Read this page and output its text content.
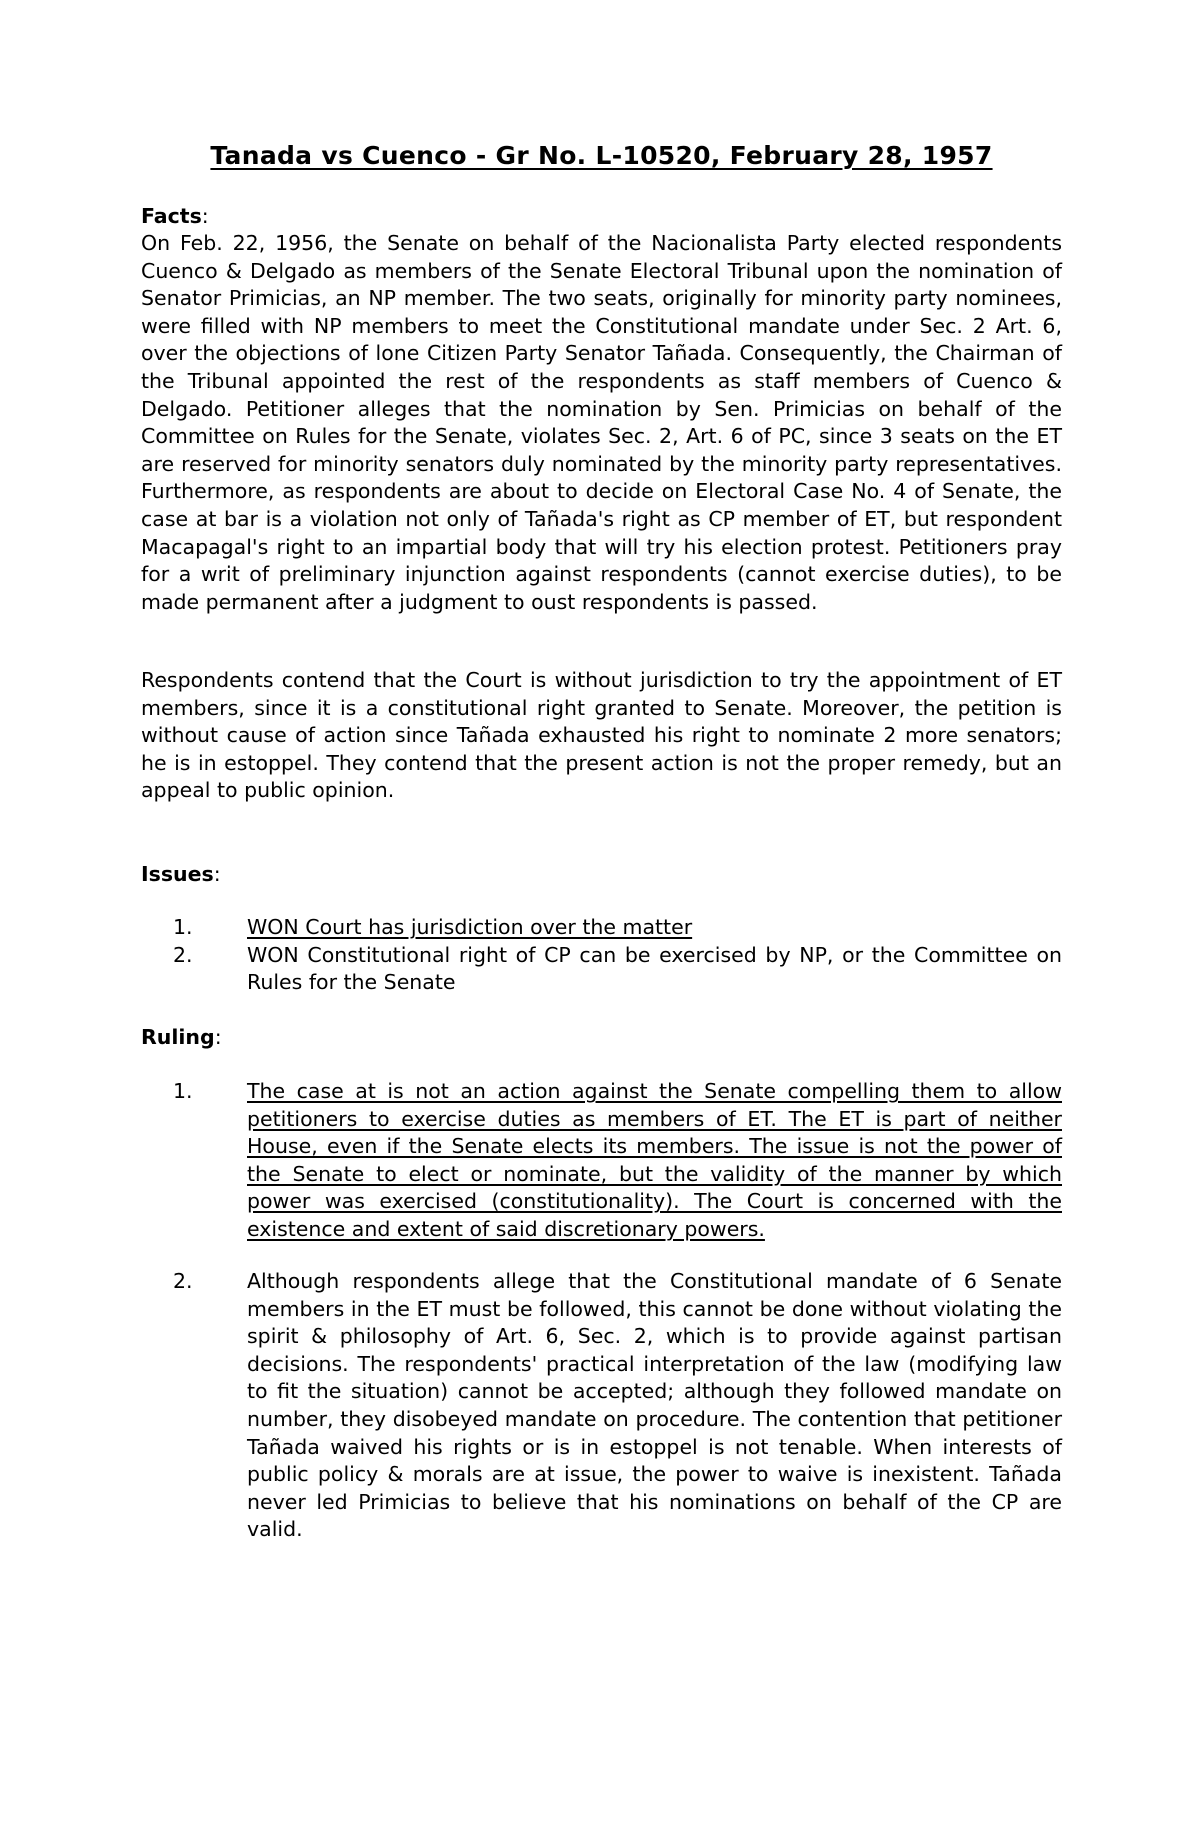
Tanada vs Cuenco - Gr No. L-10520, February 28, 1957
Facts:

On Feb. 22, 1956, the Senate on behalf of the Nacionalista Party elected respondents Cuenco & Delgado as members of the Senate Electoral Tribunal upon the nomination of Senator Primicias, an NP member. The two seats, originally for minority party nominees, were filled with NP members to meet the Constitutional mandate under Sec. 2 Art. 6, over the objections of lone Citizen Party Senator Tañada. Consequently, the Chairman of the Tribunal appointed the rest of the respondents as staff members of Cuenco & Delgado. Petitioner alleges that the nomination by Sen. Primicias on behalf of the Committee on Rules for the Senate, violates Sec. 2, Art. 6 of PC, since 3 seats on the ET are reserved for minority senators duly nominated by the minority party representatives. Furthermore, as respondents are about to decide on Electoral Case No. 4 of Senate, the case at bar is a violation not only of Tañada's right as CP member of ET, but respondent Macapagal's right to an impartial body that will try his election protest. Petitioners pray for a writ of preliminary injunction against respondents (cannot exercise duties), to be made permanent after a judgment to oust respondents is passed.

Respondents contend that the Court is without jurisdiction to try the appointment of ET members, since it is a constitutional right granted to Senate. Moreover, the petition is without cause of action since Tañada exhausted his right to nominate 2 more senators; he is in estoppel. They contend that the present action is not the proper remedy, but an appeal to public opinion.

Issues:
1.	WON Court has jurisdiction over the matter
2.	WON Constitutional right of CP can be exercised by NP, or the Committee on Rules for the Senate
Ruling:
1.	The case at is not an action against the Senate compelling them to allow petitioners to exercise duties as members of ET. The ET is part of neither House, even if the Senate elects its members. The issue is not the power of the Senate to elect or nominate, but the validity of the manner by which power was exercised (constitutionality). The Court is concerned with the existence and extent of said discretionary powers.
2.	Although respondents allege that the Constitutional mandate of 6 Senate members in the ET must be followed, this cannot be done without violating the spirit & philosophy of Art. 6, Sec. 2, which is to provide against partisan decisions. The respondents' practical interpretation of the law (modifying law to fit the situation) cannot be accepted; although they followed mandate on number, they disobeyed mandate on procedure. The contention that petitioner Tañada waived his rights or is in estoppel is not tenable. When interests of public policy & morals are at issue, the power to waive is inexistent. Tañada never led Primicias to believe that his nominations on behalf of the CP are valid.
